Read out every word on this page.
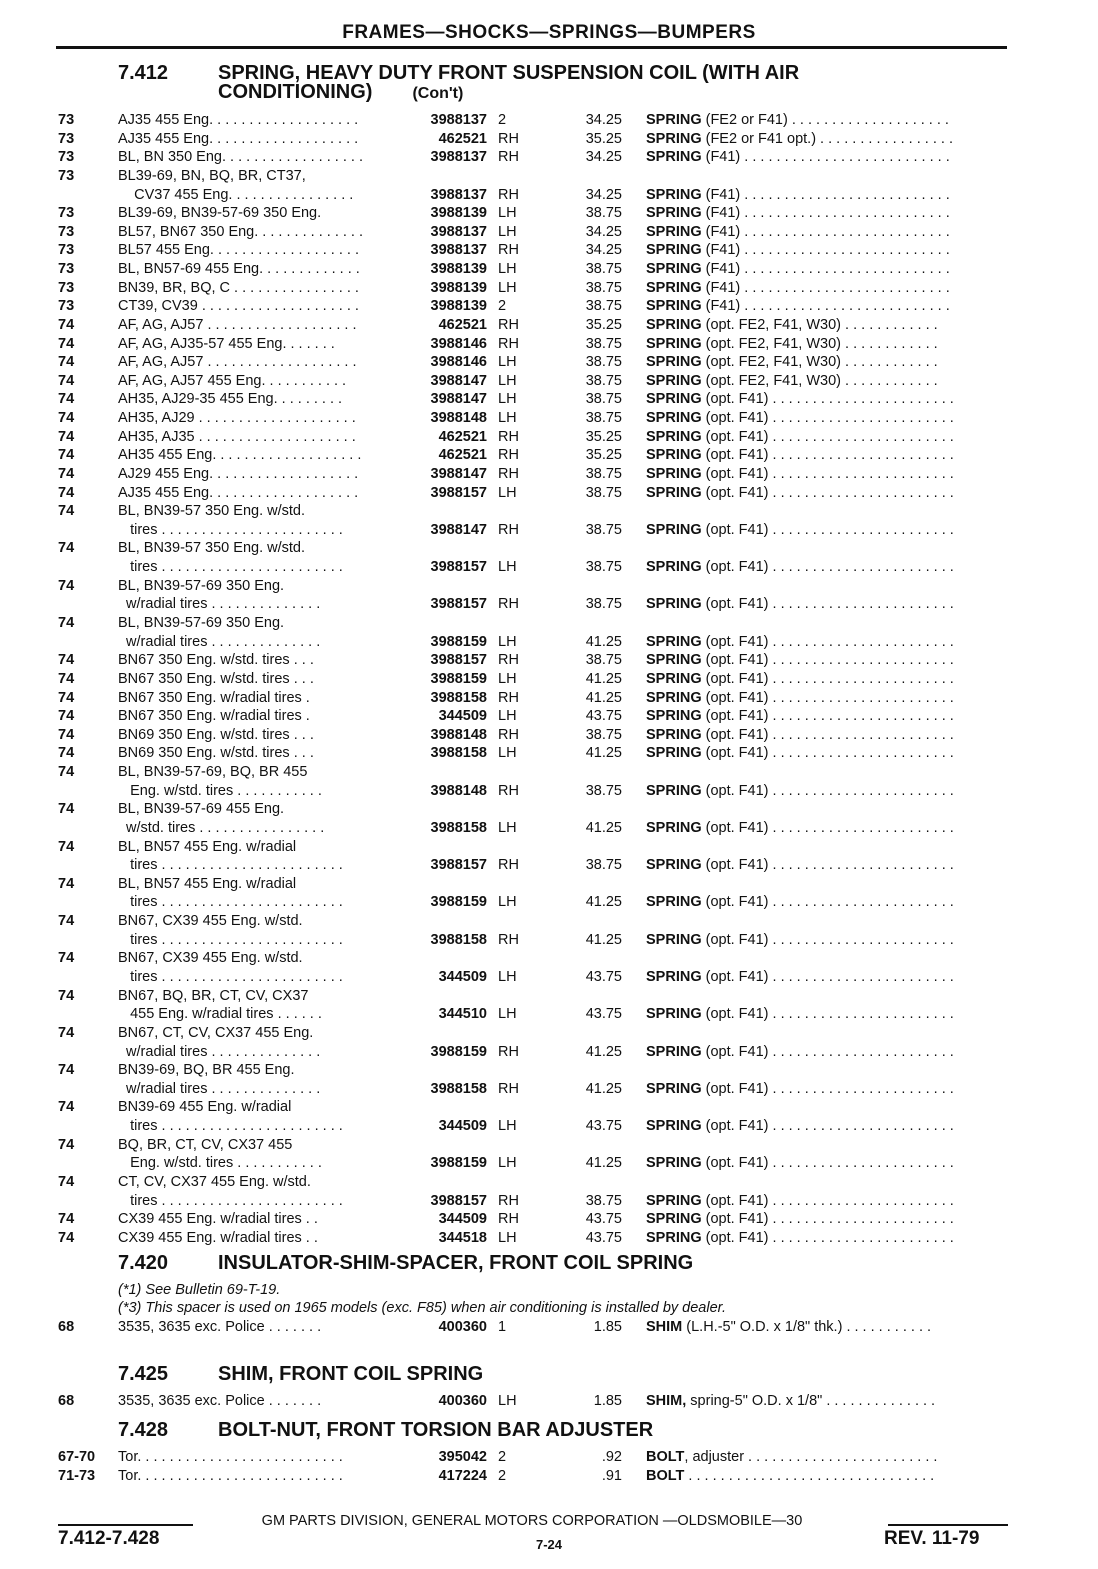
FRAMES—SHOCKS—SPRINGS—BUMPERS
7.412 SPRING, HEAVY DUTY FRONT SUSPENSION COIL (WITH AIR
CONDITIONING)	(Con't)
73	AJ35 455 Eng. . . . . . . . . . . . . . . . . . .	3988137 2	34.25 SPRING (FE2 or F41) . . . . . . . . . . . . . . . . . . . .
73	AJ35 455 Eng. . . . . . . . . . . . . . . . . . .	462521 RH	35.25 SPRING (FE2 or F41 opt.) . . . . . . . . . . . . . . . . .
73	BL, BN 350 Eng. . . . . . . . . . . . . . . . . .	3988137 RH	34.25 SPRING (F41) . . . . . . . . . . . . . . . . . . . . . . . . . .
73	BL39-69, BN, BQ, BR, CT37,
CV37 455 Eng. . . . . . . . . . . . . . . .	3988137 RH	34.25 SPRING (F41) . . . . . . . . . . . . . . . . . . . . . . . . . .
73	BL39-69, BN39-57-69 350 Eng.	3988139 LH	38.75 SPRING (F41) . . . . . . . . . . . . . . . . . . . . . . . . . .
73	BL57, BN67 350 Eng. . . . . . . . . . . . . .	3988137 LH	34.25 SPRING (F41) . . . . . . . . . . . . . . . . . . . . . . . . . .
73	BL57 455 Eng. . . . . . . . . . . . . . . . . . .	3988137 RH	34.25 SPRING (F41) . . . . . . . . . . . . . . . . . . . . . . . . . .
73	BL, BN57-69 455 Eng. . . . . . . . . . . . .	3988139 LH	38.75 SPRING (F41) . . . . . . . . . . . . . . . . . . . . . . . . . .
73	BN39, BR, BQ, C . . . . . . . . . . . . . . . .	3988139 LH	38.75 SPRING (F41) . . . . . . . . . . . . . . . . . . . . . . . . . .
73	CT39, CV39 . . . . . . . . . . . . . . . . . . . .	3988139 2	38.75 SPRING (F41) . . . . . . . . . . . . . . . . . . . . . . . . . .
74	AF, AG, AJ57 . . . . . . . . . . . . . . . . . . .	462521 RH	35.25 SPRING (opt. FE2, F41, W30) . . . . . . . . . . . .
74	AF, AG, AJ35-57 455 Eng. . . . . . .	3988146 RH	38.75 SPRING (opt. FE2, F41, W30) . . . . . . . . . . . .
74	AF, AG, AJ57 . . . . . . . . . . . . . . . . . . .	3988146 LH	38.75 SPRING (opt. FE2, F41, W30) . . . . . . . . . . . .
74	AF, AG, AJ57 455 Eng. . . . . . . . . . .	3988147 LH	38.75 SPRING (opt. FE2, F41, W30) . . . . . . . . . . . .
74	AH35, AJ29-35 455 Eng. . . . . . . . .	3988147 LH	38.75 SPRING (opt. F41) . . . . . . . . . . . . . . . . . . . . . . .
74	AH35, AJ29 . . . . . . . . . . . . . . . . . . . .	3988148 LH	38.75 SPRING (opt. F41) . . . . . . . . . . . . . . . . . . . . . . .
74	AH35, AJ35 . . . . . . . . . . . . . . . . . . . .	462521 RH	35.25 SPRING (opt. F41) . . . . . . . . . . . . . . . . . . . . . . .
74	AH35 455 Eng. . . . . . . . . . . . . . . . . . .	462521 RH	35.25 SPRING (opt. F41) . . . . . . . . . . . . . . . . . . . . . . .
74	AJ29 455 Eng. . . . . . . . . . . . . . . . . . .	3988147 RH	38.75 SPRING (opt. F41) . . . . . . . . . . . . . . . . . . . . . . .
74	AJ35 455 Eng. . . . . . . . . . . . . . . . . . .	3988157 LH	38.75 SPRING (opt. F41) . . . . . . . . . . . . . . . . . . . . . . .
74	BL, BN39-57 350 Eng. w/std.
tires . . . . . . . . . . . . . . . . . . . . . . .	3988147 RH	38.75 SPRING (opt. F41) . . . . . . . . . . . . . . . . . . . . . . .
74	BL, BN39-57 350 Eng. w/std.
tires . . . . . . . . . . . . . . . . . . . . . . .	3988157 LH	38.75 SPRING (opt. F41) . . . . . . . . . . . . . . . . . . . . . . .
74	BL, BN39-57-69 350 Eng.
w/radial tires . . . . . . . . . . . . . .	3988157 RH	38.75 SPRING (opt. F41) . . . . . . . . . . . . . . . . . . . . . . .
74	BL, BN39-57-69 350 Eng.
w/radial tires . . . . . . . . . . . . . .	3988159 LH	41.25 SPRING (opt. F41) . . . . . . . . . . . . . . . . . . . . . . .
74	BN67 350 Eng. w/std. tires . . .	3988157 RH	38.75 SPRING (opt. F41) . . . . . . . . . . . . . . . . . . . . . . .
74	BN67 350 Eng. w/std. tires . . .	3988159 LH	41.25 SPRING (opt. F41) . . . . . . . . . . . . . . . . . . . . . . .
74	BN67 350 Eng. w/radial tires .	3988158 RH	41.25 SPRING (opt. F41) . . . . . . . . . . . . . . . . . . . . . . .
74	BN67 350 Eng. w/radial tires .	344509 LH	43.75 SPRING (opt. F41) . . . . . . . . . . . . . . . . . . . . . . .
74	BN69 350 Eng. w/std. tires . . .	3988148 RH	38.75 SPRING (opt. F41) . . . . . . . . . . . . . . . . . . . . . . .
74	BN69 350 Eng. w/std. tires . . .	3988158 LH	41.25 SPRING (opt. F41) . . . . . . . . . . . . . . . . . . . . . . .
74	BL, BN39-57-69, BQ, BR 455
Eng. w/std. tires . . . . . . . . . . .	3988148 RH	38.75 SPRING (opt. F41) . . . . . . . . . . . . . . . . . . . . . . .
74	BL, BN39-57-69 455 Eng.
w/std. tires . . . . . . . . . . . . . . . .	3988158 LH	41.25 SPRING (opt. F41) . . . . . . . . . . . . . . . . . . . . . . .
74	BL, BN57 455 Eng. w/radial
tires . . . . . . . . . . . . . . . . . . . . . . .	3988157 RH	38.75 SPRING (opt. F41) . . . . . . . . . . . . . . . . . . . . . . .
74	BL, BN57 455 Eng. w/radial
tires . . . . . . . . . . . . . . . . . . . . . . .	3988159 LH	41.25 SPRING (opt. F41) . . . . . . . . . . . . . . . . . . . . . . .
74	BN67, CX39 455 Eng. w/std.
tires . . . . . . . . . . . . . . . . . . . . . . .	3988158 RH	41.25 SPRING (opt. F41) . . . . . . . . . . . . . . . . . . . . . . .
74	BN67, CX39 455 Eng. w/std.
tires . . . . . . . . . . . . . . . . . . . . . . .	344509 LH	43.75 SPRING (opt. F41) . . . . . . . . . . . . . . . . . . . . . . .
74	BN67, BQ, BR, CT, CV, CX37
455 Eng. w/radial tires . . . . . .	344510 LH	43.75 SPRING (opt. F41) . . . . . . . . . . . . . . . . . . . . . . .
74	BN67, CT, CV, CX37 455 Eng.
w/radial tires . . . . . . . . . . . . . .	3988159 RH	41.25 SPRING (opt. F41) . . . . . . . . . . . . . . . . . . . . . . .
74	BN39-69, BQ, BR 455 Eng.
w/radial tires . . . . . . . . . . . . . .	3988158 RH	41.25 SPRING (opt. F41) . . . . . . . . . . . . . . . . . . . . . . .
74	BN39-69 455 Eng. w/radial
tires . . . . . . . . . . . . . . . . . . . . . . .	344509 LH	43.75 SPRING (opt. F41) . . . . . . . . . . . . . . . . . . . . . . .
74	BQ, BR, CT, CV, CX37 455
Eng. w/std. tires . . . . . . . . . . .	3988159 LH	41.25 SPRING (opt. F41) . . . . . . . . . . . . . . . . . . . . . . .
74	CT, CV, CX37 455 Eng. w/std.
tires . . . . . . . . . . . . . . . . . . . . . . .	3988157 RH	38.75 SPRING (opt. F41) . . . . . . . . . . . . . . . . . . . . . . .
74	CX39 455 Eng. w/radial tires . .	344509 RH	43.75 SPRING (opt. F41) . . . . . . . . . . . . . . . . . . . . . . .
74	CX39 455 Eng. w/radial tires . .	344518 LH	43.75 SPRING (opt. F41) . . . . . . . . . . . . . . . . . . . . . . .
7.420 INSULATOR-SHIM-SPACER, FRONT COIL SPRING
(*1) See Bulletin 69-T-19.
(*3) This spacer is used on 1965 models (exc. F85) when air conditioning is installed by dealer.
68	3535, 3635 exc. Police . . . . . . .	400360 1	1.85 SHIM (L.H.-5" O.D. x 1/8" thk.) . . . . . . . . . . .
7.425 SHIM, FRONT COIL SPRING
68	3535, 3635 exc. Police . . . . . . .	400360 LH	1.85 SHIM, spring-5" O.D. x 1/8" . . . . . . . . . . . . . .
7.428 BOLT-NUT, FRONT TORSION BAR ADJUSTER
67-70	Tor. . . . . . . . . . . . . . . . . . . . . . . . . .	395042 2	.92 BOLT, adjuster . . . . . . . . . . . . . . . . . . . . . . . .
71-73	Tor. . . . . . . . . . . . . . . . . . . . . . . . . .	417224 2	.91 BOLT . . . . . . . . . . . . . . . . . . . . . . . . . . . . . . .
GM PARTS DIVISION, GENERAL MOTORS CORPORATION —OLDSMOBILE—30
7.412-7.428	7-24	REV. 11-79
